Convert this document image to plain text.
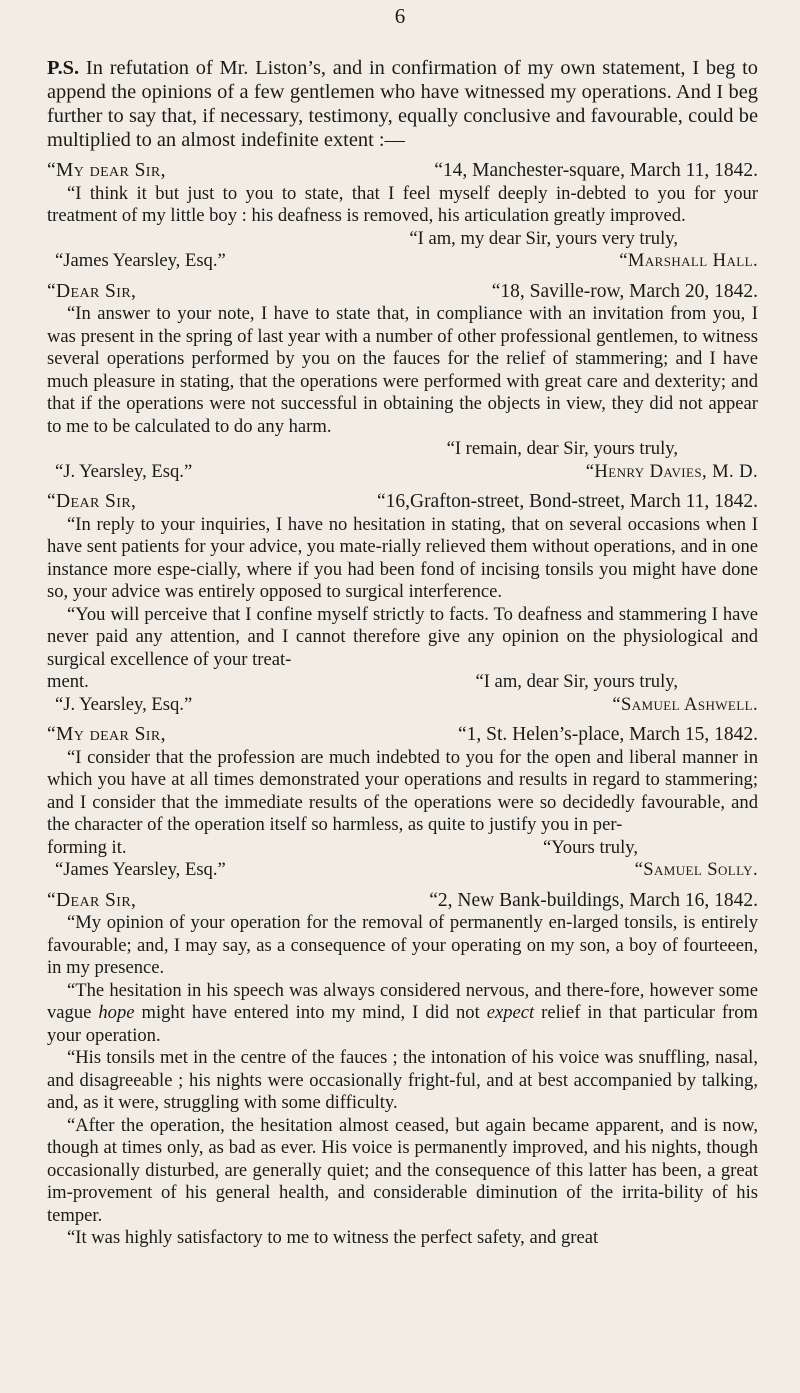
6

P.S. In refutation of Mr. Liston’s, and in confirmation of my own statement, I beg to append the opinions of a few gentlemen who have witnessed my operations. And I beg further to say that, if necessary, testimony, equally conclusive and favourable, could be multiplied to an almost indefinite extent :—

“My dear Sir,	“14, Manchester-square, March 11, 1842.

“I think it but just to you to state, that I feel myself deeply in-debted to you for your treatment of my little boy : his deafness is removed, his articulation greatly improved.

“I am, my dear Sir, yours very truly,

“James Yearsley, Esq.”	“Marshall Hall.
“Dear Sir,	“18, Saville-row, March 20, 1842.

“In answer to your note, I have to state that, in compliance with an invitation from you, I was present in the spring of last year with a number of other professional gentlemen, to witness several operations performed by you on the fauces for the relief of stammering; and I have much pleasure in stating, that the operations were performed with great care and dexterity; and that if the operations were not successful in obtaining the objects in view, they did not appear to me to be calculated to do any harm.

“I remain, dear Sir, yours truly,

“J. Yearsley, Esq.”	“Henry Davies, M. D.
“Dear Sir,	“16,Grafton-street, Bond-street, March 11, 1842.

“In reply to your inquiries, I have no hesitation in stating, that on several occasions when I have sent patients for your advice, you mate-rially relieved them without operations, and in one instance more espe-cially, where if you had been fond of incising tonsils you might have done so, your advice was entirely opposed to surgical interference.

“You will perceive that I confine myself strictly to facts. To deafness and stammering I have never paid any attention, and I cannot therefore give any opinion on the physiological and surgical excellence of your treat-

ment.	“I am, dear Sir, yours truly,
“J. Yearsley, Esq.”	“Samuel Ashwell.
“My dear Sir,	“1, St. Helen’s-place, March 15, 1842.

“I consider that the profession are much indebted to you for the open and liberal manner in which you have at all times demonstrated your operations and results in regard to stammering; and I consider that the immediate results of the operations were so decidedly favourable, and the character of the operation itself so harmless, as quite to justify you in per-

forming it.	“Yours truly,
“James Yearsley, Esq.”	“Samuel Solly.
“Dear Sir,	“2, New Bank-buildings, March 16, 1842.

“My opinion of your operation for the removal of permanently en-larged tonsils, is entirely favourable; and, I may say, as a consequence of your operating on my son, a boy of fourteeen, in my presence.

“The hesitation in his speech was always considered nervous, and there-fore, however some vague hope might have entered into my mind, I did not expect relief in that particular from your operation.

“His tonsils met in the centre of the fauces ; the intonation of his voice was snuffling, nasal, and disagreeable ; his nights were occasionally fright-ful, and at best accompanied by talking, and, as it were, struggling with some difficulty.

“After the operation, the hesitation almost ceased, but again became apparent, and is now, though at times only, as bad as ever. His voice is permanently improved, and his nights, though occasionally disturbed, are generally quiet; and the consequence of this latter has been, a great im-provement of his general health, and considerable diminution of the irrita-bility of his temper.

“It was highly satisfactory to me to witness the perfect safety, and great
